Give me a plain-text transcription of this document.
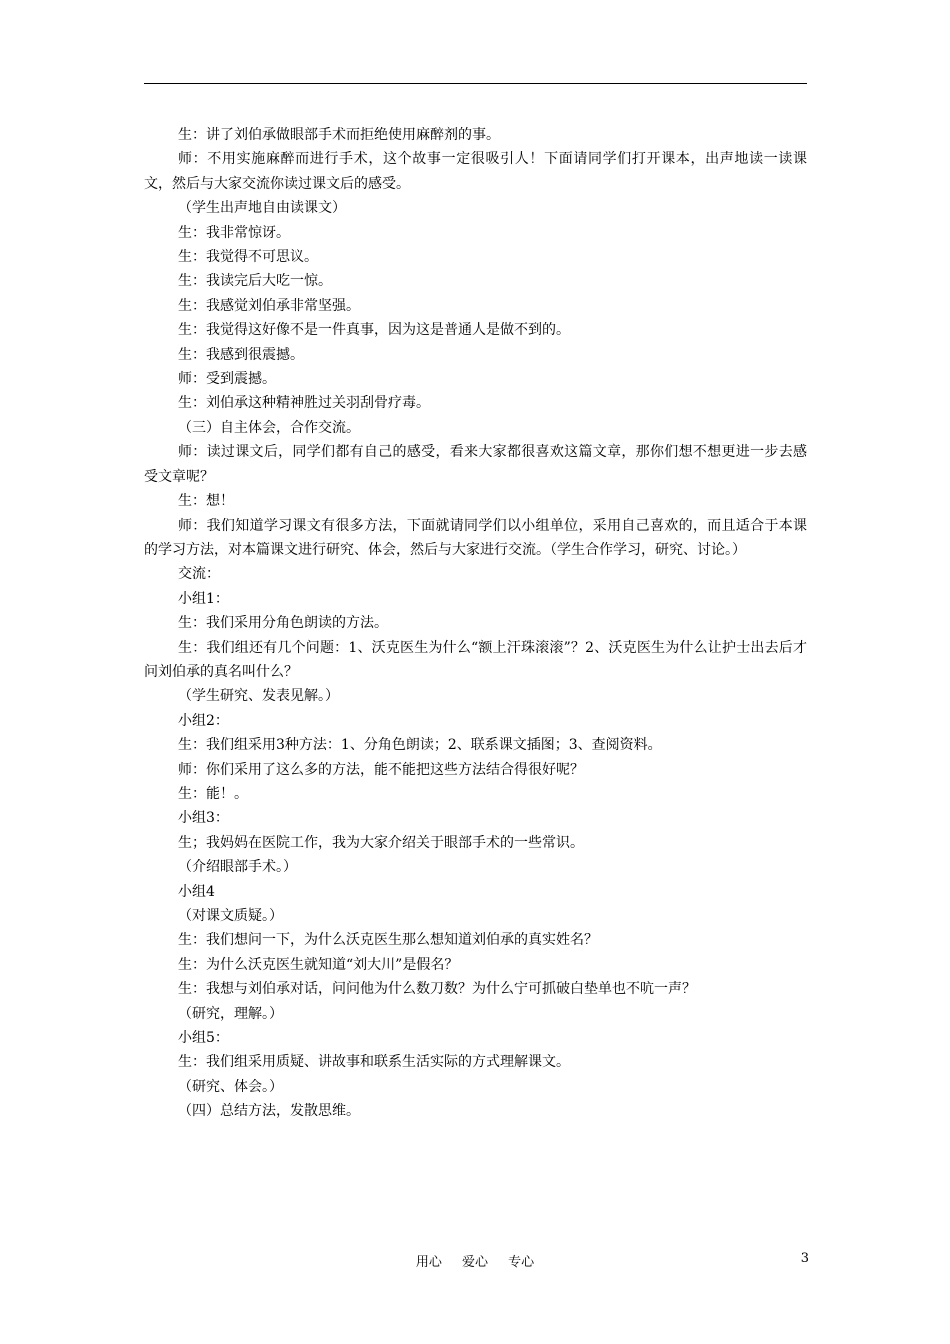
生：讲了刘伯承做眼部手术而拒绝使用麻醉剂的事。

师：不用实施麻醉而进行手术，这个故事一定很吸引人！下面请同学们打开课本，出声地读一读课文，然后与大家交流你读过课文后的感受。

（学生出声地自由读课文）

生：我非常惊讶。

生：我觉得不可思议。

生：我读完后大吃一惊。

生：我感觉刘伯承非常坚强。

生：我觉得这好像不是一件真事，因为这是普通人是做不到的。

生：我感到很震撼。

师：受到震撼。

生：刘伯承这种精神胜过关羽刮骨疗毒。

（三）自主体会，合作交流。

师：读过课文后，同学们都有自己的感受，看来大家都很喜欢这篇文章，那你们想不想更进一步去感受文章呢？

生：想！

师：我们知道学习课文有很多方法，下面就请同学们以小组单位，采用自己喜欢的，而且适合于本课的学习方法，对本篇课文进行研究、体会，然后与大家进行交流。（学生合作学习，研究、讨论。）

交流：

小组1：

生：我们采用分角色朗读的方法。

生：我们组还有几个问题：1、沃克医生为什么“额上汗珠滚滚”？2、沃克医生为什么让护士出去后才问刘伯承的真名叫什么？

（学生研究、发表见解。）

小组2：

生：我们组采用3种方法：1、分角色朗读；2、联系课文插图；3、查阅资料。

师：你们采用了这么多的方法，能不能把这些方法结合得很好呢？

生：能！。

小组3：

生；我妈妈在医院工作，我为大家介绍关于眼部手术的一些常识。

（介绍眼部手术。）

小组4

（对课文质疑。）

生：我们想问一下，为什么沃克医生那么想知道刘伯承的真实姓名？

生：为什么沃克医生就知道“刘大川”是假名？

生：我想与刘伯承对话，问问他为什么数刀数？为什么宁可抓破白垫单也不吭一声？

（研究，理解。）

小组5：

生：我们组采用质疑、讲故事和联系生活实际的方式理解课文。

（研究、体会。）

（四）总结方法，发散思维。

用心 爱心 专心	3
